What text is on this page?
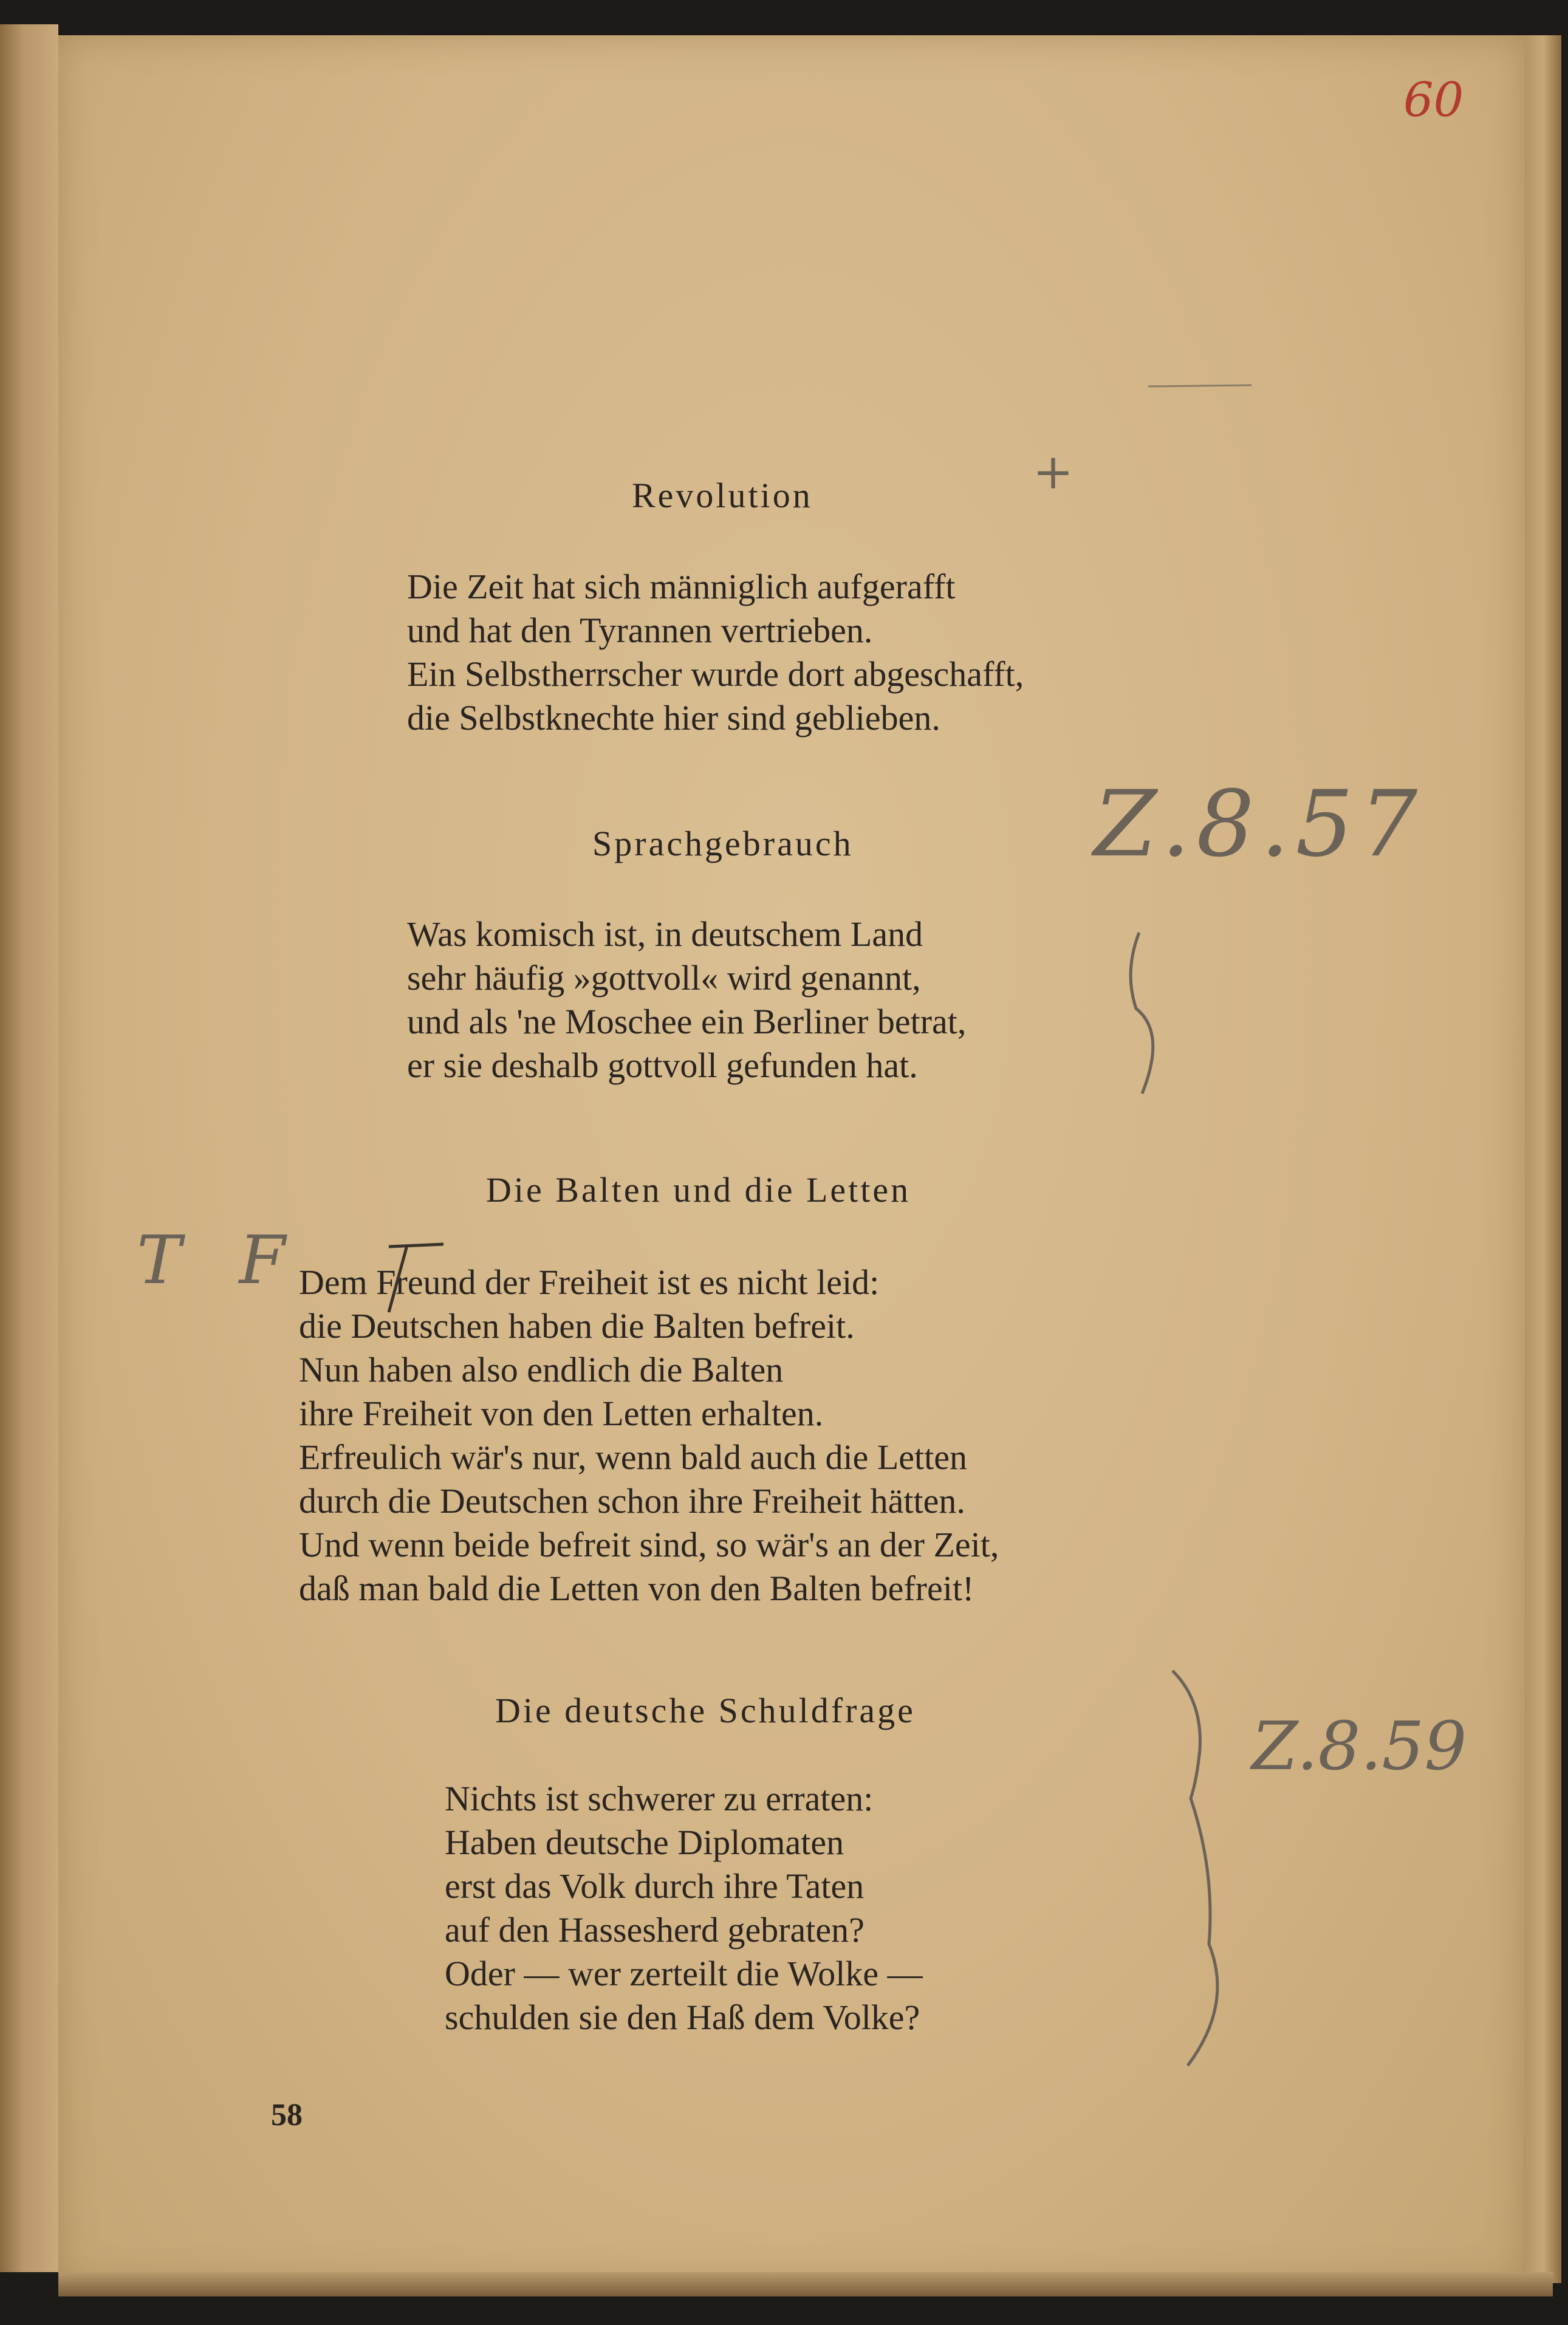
60
Revolution
Die Zeit hat sich männiglich aufgerafft
und hat den Tyrannen vertrieben.
Ein Selbstherrscher wurde dort abgeschafft,
die Selbstknechte hier sind geblieben.
Sprachgebrauch
Was komisch ist, in deutschem Land
sehr häufig »gottvoll« wird genannt,
und als 'ne Moschee ein Berliner betrat,
er sie deshalb gottvoll gefunden hat.
Die Balten und die Letten
Dem Freund der Freiheit ist es nicht leid:
die Deutschen haben die Balten befreit.
Nun haben also endlich die Balten
ihre Freiheit von den Letten erhalten.
Erfreulich wär's nur, wenn bald auch die Letten
durch die Deutschen schon ihre Freiheit hätten.
Und wenn beide befreit sind, so wär's an der Zeit,
daß man bald die Letten von den Balten befreit!
Die deutsche Schuldfrage
Nichts ist schwerer zu erraten:
Haben deutsche Diplomaten
erst das Volk durch ihre Taten
auf den Hassesherd gebraten?
Oder — wer zerteilt die Wolke —
schulden sie den Haß dem Volke?
58
+
Z.8.57
T F
Z.8.59
